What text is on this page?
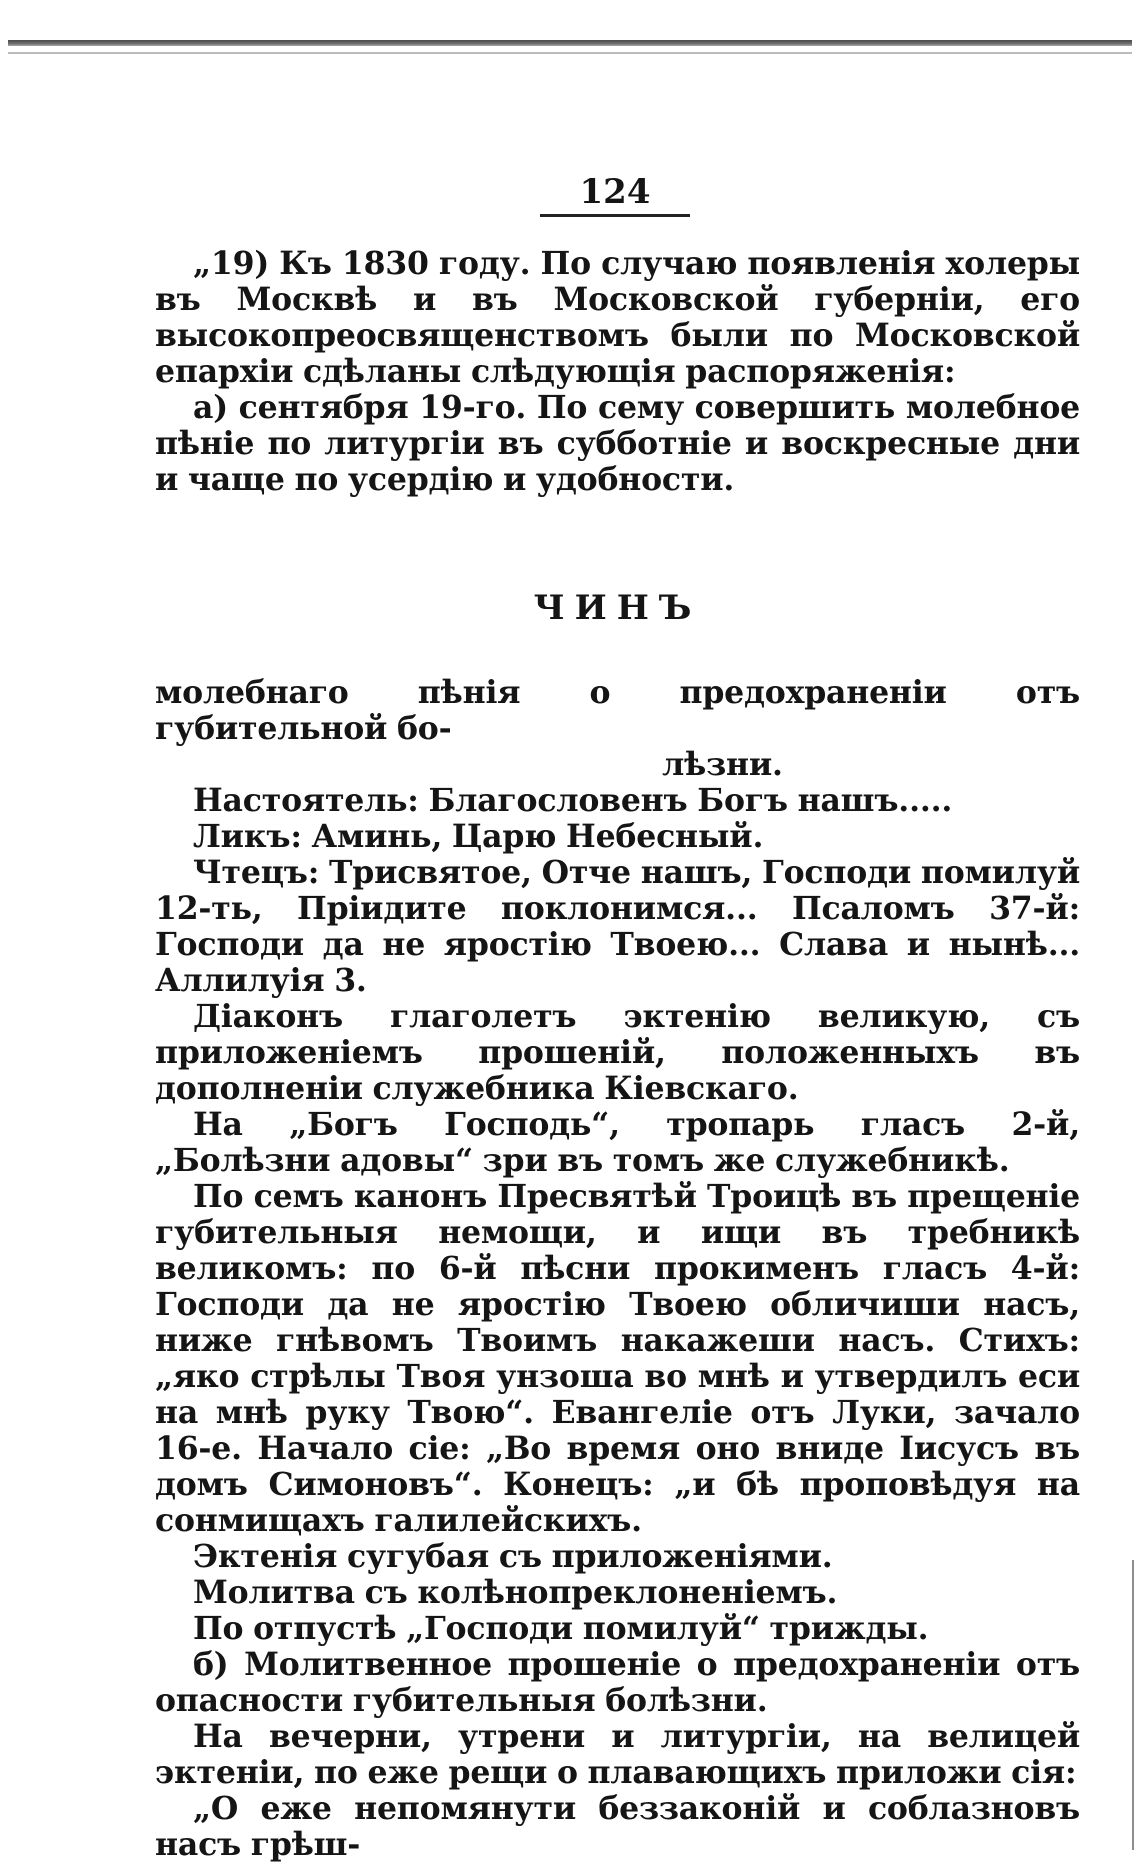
124

„19) Къ 1830 году. По случаю появленія холеры въ Москвѣ и въ Московской губерніи, его высокопреосвященствомъ были по Московской епархіи сдѣланы слѣдующія распоряженія:

а) сентября 19-го. По сему совершить молебное пѣніе по литургіи въ субботніе и воскресные дни и чаще по усердію и удобности.

ЧИНЪ

молебнаго пѣнія о предохраненіи отъ губительной бо-

лѣзни.

Настоятель: Благословенъ Богъ нашъ.....

Ликъ: Аминь, Царю Небесный.

Чтецъ: Трисвятое, Отче нашъ, Господи помилуй 12-ть, Пріидите поклонимся... Псаломъ 37-й: Господи да не яростію Твоею... Слава и нынѣ... Аллилуія 3.

Діаконъ глаголетъ эктенію великую, съ приложеніемъ прошеній, положенныхъ въ дополненіи служебника Кіевскаго.

На „Богъ Господь“, тропарь гласъ 2-й, „Болѣзни адовы“ зри въ томъ же служебникѣ.

По семъ канонъ Пресвятѣй Троицѣ въ прещеніе губительныя немощи, и ищи въ требникѣ великомъ: по 6-й пѣсни прокименъ гласъ 4-й: Господи да не яростію Твоею обличиши насъ, ниже гнѣвомъ Твоимъ накажеши насъ. Стихъ: „яко стрѣлы Твоя унзоша во мнѣ и утвердилъ еси на мнѣ руку Твою“. Евангеліе отъ Луки, зачало 16-е. Начало сіе: „Во время оно вниде Іисусъ въ домъ Симоновъ“. Конецъ: „и бѣ проповѣдуя на сонмищахъ галилейскихъ.

Эктенія сугубая съ приложеніями.

Молитва съ колѣнопреклоненіемъ.

По отпустѣ „Господи помилуй“ трижды.

б) Молитвенное прошеніе о предохраненіи отъ опасности губительныя болѣзни.

На вечерни, утрени и литургіи, на велицей эктеніи, по еже рещи о плавающихъ приложи сія:

„О еже непомянути беззаконій и соблазновъ насъ грѣш-
